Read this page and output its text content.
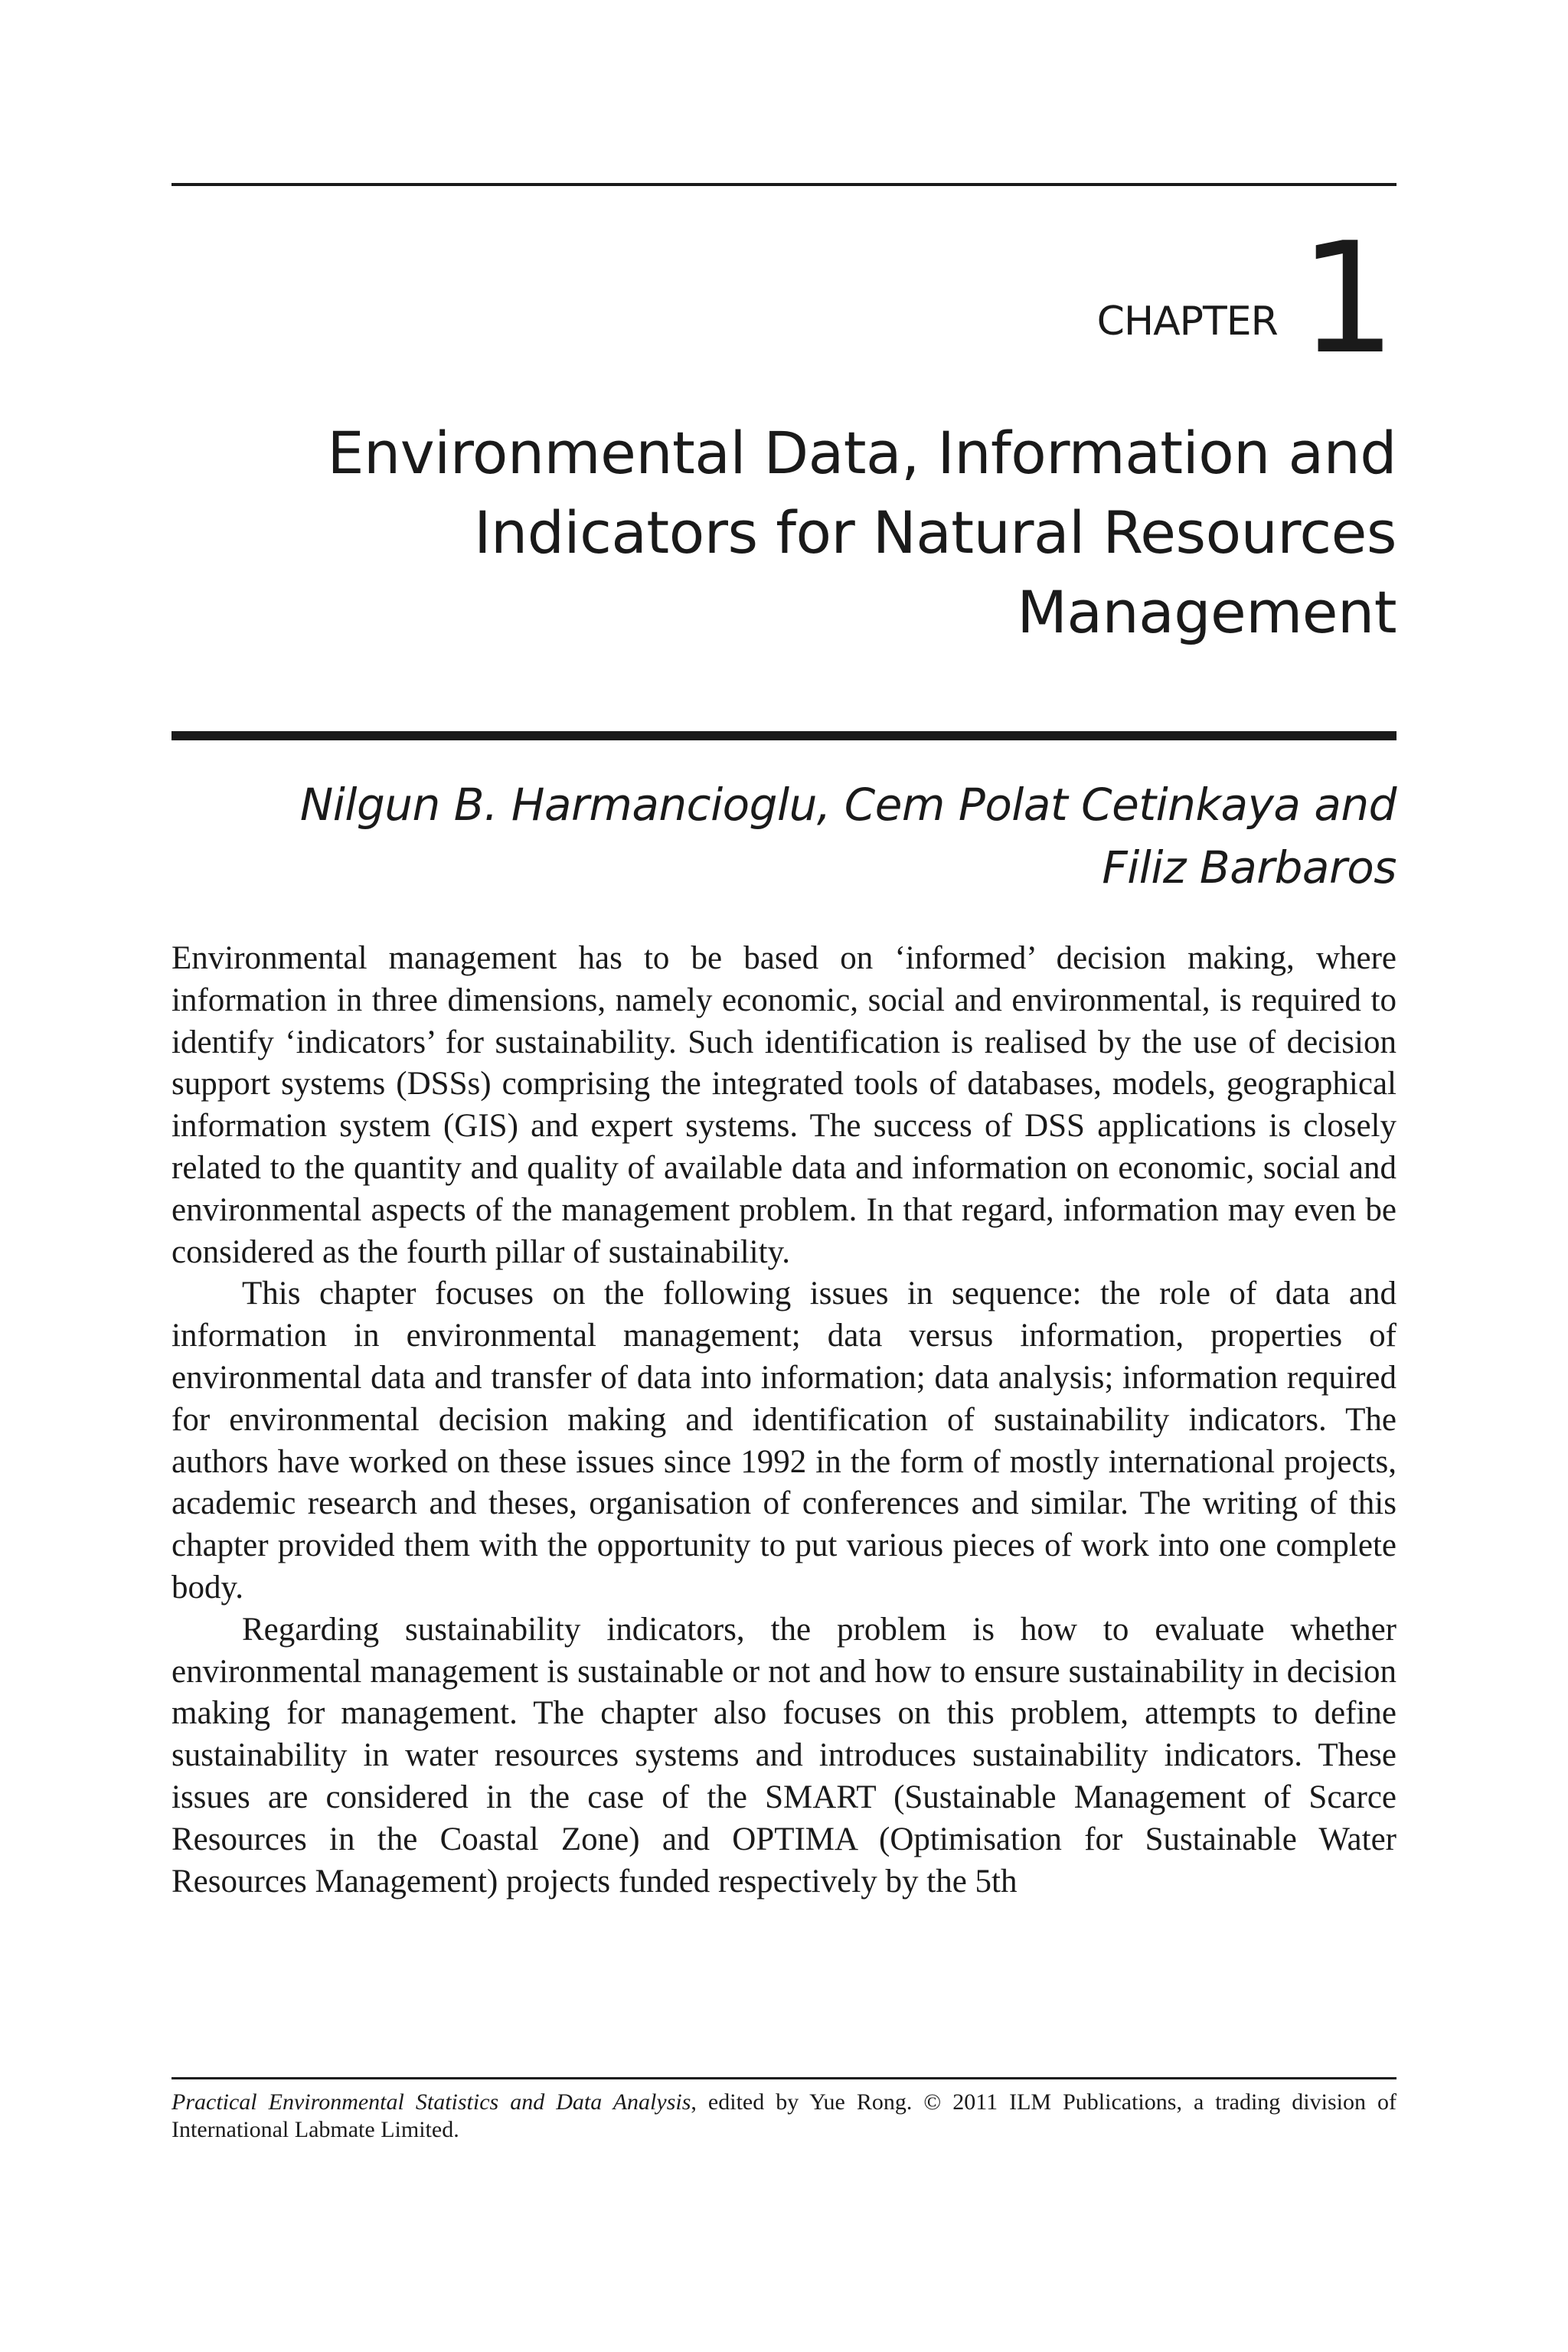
CHAPTER 1
Environmental Data, Information and
Indicators for Natural Resources
Management
Nilgun B. Harmancioglu, Cem Polat Cetinkaya and
Filiz Barbaros

Environmental management has to be based on ‘informed’ decision making, where information in three dimensions, namely economic, social and environmental, is required to identify ‘indicators’ for sustainability. Such identification is realised by the use of decision support systems (DSSs) comprising the integrated tools of databases, models, geographical information system (GIS) and expert systems. The success of DSS applications is closely related to the quantity and quality of available data and information on economic, social and environmental aspects of the management problem. In that regard, information may even be considered as the fourth pillar of sustainability.

This chapter focuses on the following issues in sequence: the role of data and information in environmental management; data versus information, properties of environmental data and transfer of data into information; data analysis; information required for environmental decision making and identification of sustainability indicators. The authors have worked on these issues since 1992 in the form of mostly international projects, academic research and theses, organisation of conferences and similar. The writing of this chapter provided them with the opportunity to put various pieces of work into one complete body.

Regarding sustainability indicators, the problem is how to evaluate whether environmental management is sustainable or not and how to ensure sustainability in decision making for management. The chapter also focuses on this problem, attempts to define sustainability in water resources systems and introduces sustainability indicators. These issues are considered in the case of the SMART (Sustainable Management of Scarce Resources in the Coastal Zone) and OPTIMA (Optimisation for Sustainable Water Resources Management) projects funded respectively by the 5th

Practical Environmental Statistics and Data Analysis, edited by Yue Rong. © 2011 ILM Publications, a trading division of International Labmate Limited.
